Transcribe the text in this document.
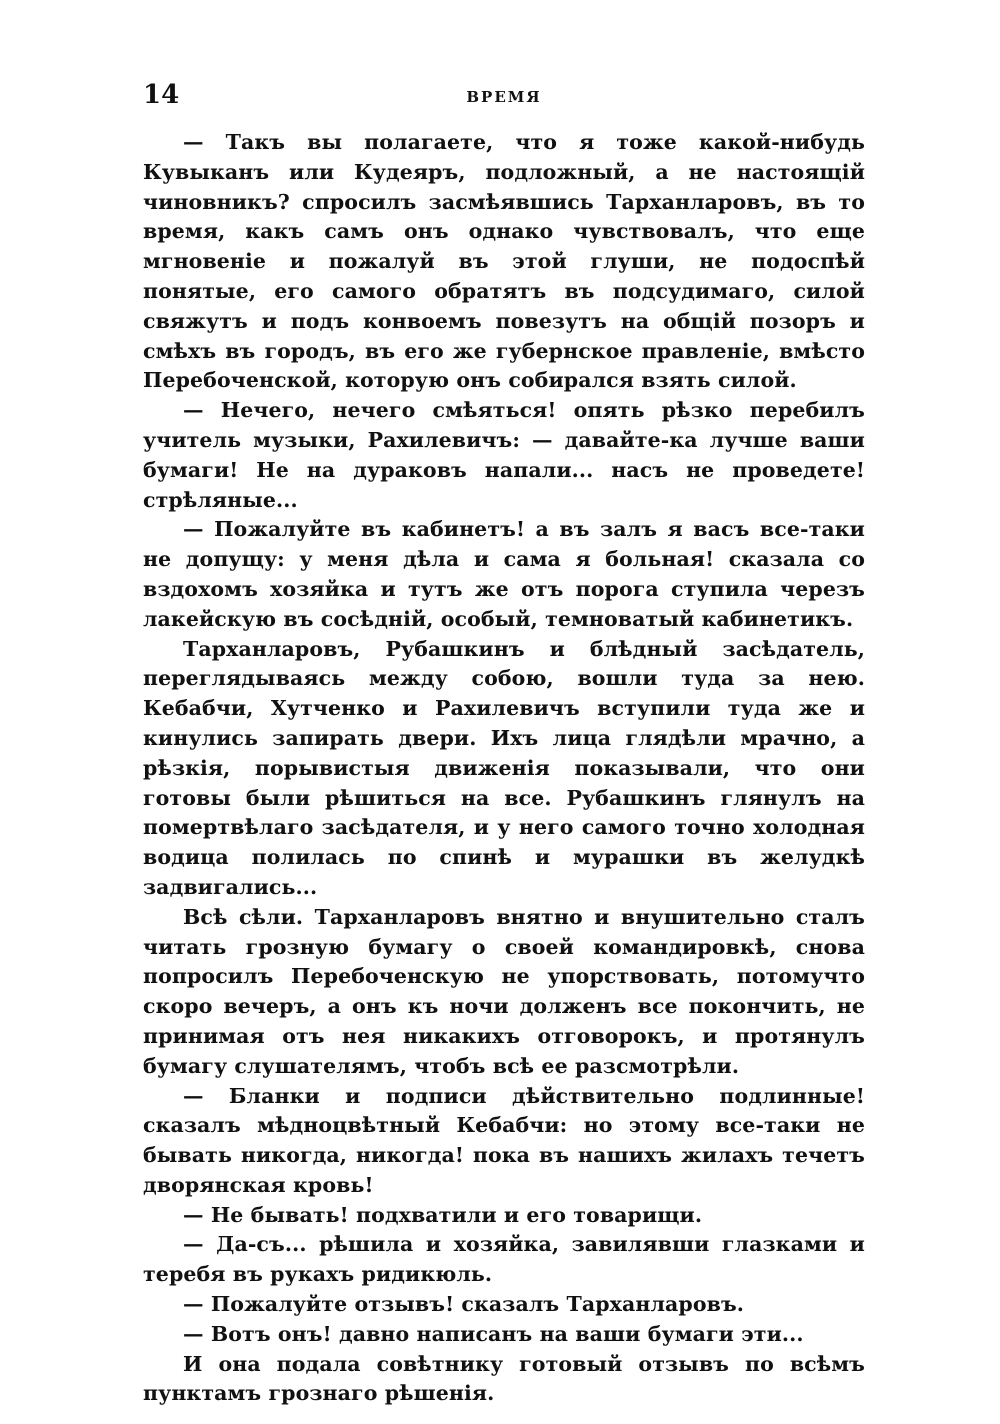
14	ВРЕМЯ

— Такъ вы полагаете, что я тоже какой-нибудь Кувыканъ или Кудеяръ, подложный, а не настоящій чиновникъ? спросилъ засмѣявшись Тарханларовъ, въ то время, какъ самъ онъ однако чувствовалъ, что еще мгновеніе и пожалуй въ этой глуши, не подоспѣй понятые, его самого обратятъ въ подсудимаго, силой свяжутъ и подъ конвоемъ повезутъ на общій позоръ и смѣхъ въ городъ, въ его же губернское правленіе, вмѣсто Перебоченской, которую онъ собирался взять силой.

— Нечего, нечего смѣяться! опять рѣзко перебилъ учитель музыки, Рахилевичъ: — давайте-ка лучше ваши бумаги! Не на дураковъ напали... насъ не проведете! стрѣляные...

— Пожалуйте въ кабинетъ! а въ залъ я васъ все-таки не допущу: у меня дѣла и сама я больная! сказала со вздохомъ хозяйка и тутъ же отъ порога ступила черезъ лакейскую въ сосѣдній, особый, темноватый кабинетикъ.

Тарханларовъ, Рубашкинъ и блѣдный засѣдатель, переглядываясь между собою, вошли туда за нею. Кебабчи, Хутченко и Рахилевичъ вступили туда же и кинулись запирать двери. Ихъ лица глядѣли мрачно, а рѣзкія, порывистыя движенія показывали, что они готовы были рѣшиться на все. Рубашкинъ глянулъ на помертвѣлаго засѣдателя, и у него самого точно холодная водица полилась по спинѣ и мурашки въ желудкѣ задвигались...

Всѣ сѣли. Тарханларовъ внятно и внушительно сталъ читать грозную бумагу о своей командировкѣ, снова попросилъ Перебоченскую не упорствовать, потомучто скоро вечеръ, а онъ къ ночи долженъ все покончить, не принимая отъ нея никакихъ отговорокъ, и протянулъ бумагу слушателямъ, чтобъ всѣ ее разсмотрѣли.

— Бланки и подписи дѣйствительно подлинные! сказалъ мѣдноцвѣтный Кебабчи: но этому все-таки не бывать никогда, никогда! пока въ нашихъ жилахъ течетъ дворянская кровь!

— Не бывать! подхватили и его товарищи.

— Да-съ... рѣшила и хозяйка, завилявши глазками и теребя въ рукахъ ридикюль.

— Пожалуйте отзывъ! сказалъ Тарханларовъ.

— Вотъ онъ! давно написанъ на ваши бумаги эти...

И она подала совѣтнику готовый отзывъ по всѣмъ пунктамъ грознаго рѣшенія.
